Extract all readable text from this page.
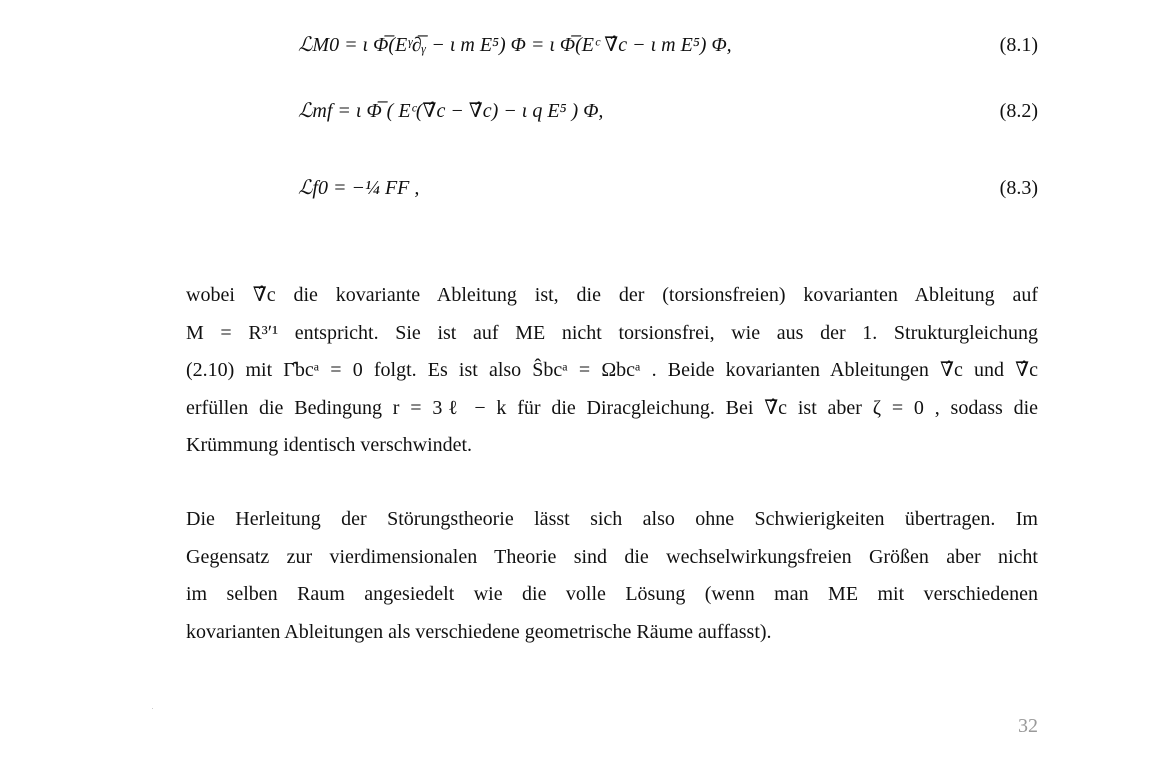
ℒM0 = ι Φ̅(Eᵞ∂̅ᵧ − ι m E⁵) Φ = ι Φ̅(Eᶜ ∇̂c − ι m E⁵) Φ,	(8.1)
ℒmf = ι Φ̅ ( Eᶜ(∇̂c − ∇̂c) − ι q E⁵ ) Φ,	(8.2)
ℒf0 = −¼ FF ,	(8.3)
wobei ∇̂c die kovariante Ableitung ist, die der (torsionsfreien) kovarianten Ableitung auf
M = R³ʹ¹ entspricht. Sie ist auf ME nicht torsionsfrei, wie aus der 1. Strukturgleichung
(2.10) mit Γ̂bcᵃ = 0 folgt. Es ist also Ŝbcᵃ = Ωbcᵃ . Beide kovarianten Ableitungen ∇̂c und ∇̂c
erfüllen die Bedingung r = 3ℓ − k für die Diracgleichung. Bei ∇̂c ist aber ζ = 0 , sodass die
Krümmung identisch verschwindet.
Die Herleitung der Störungstheorie lässt sich also ohne Schwierigkeiten übertragen. Im
Gegensatz zur vierdimensionalen Theorie sind die wechselwirkungsfreien Größen aber nicht
im selben Raum angesiedelt wie die volle Lösung (wenn man ME mit verschiedenen
kovarianten Ableitungen als verschiedene geometrische Räume auffasst).
32
